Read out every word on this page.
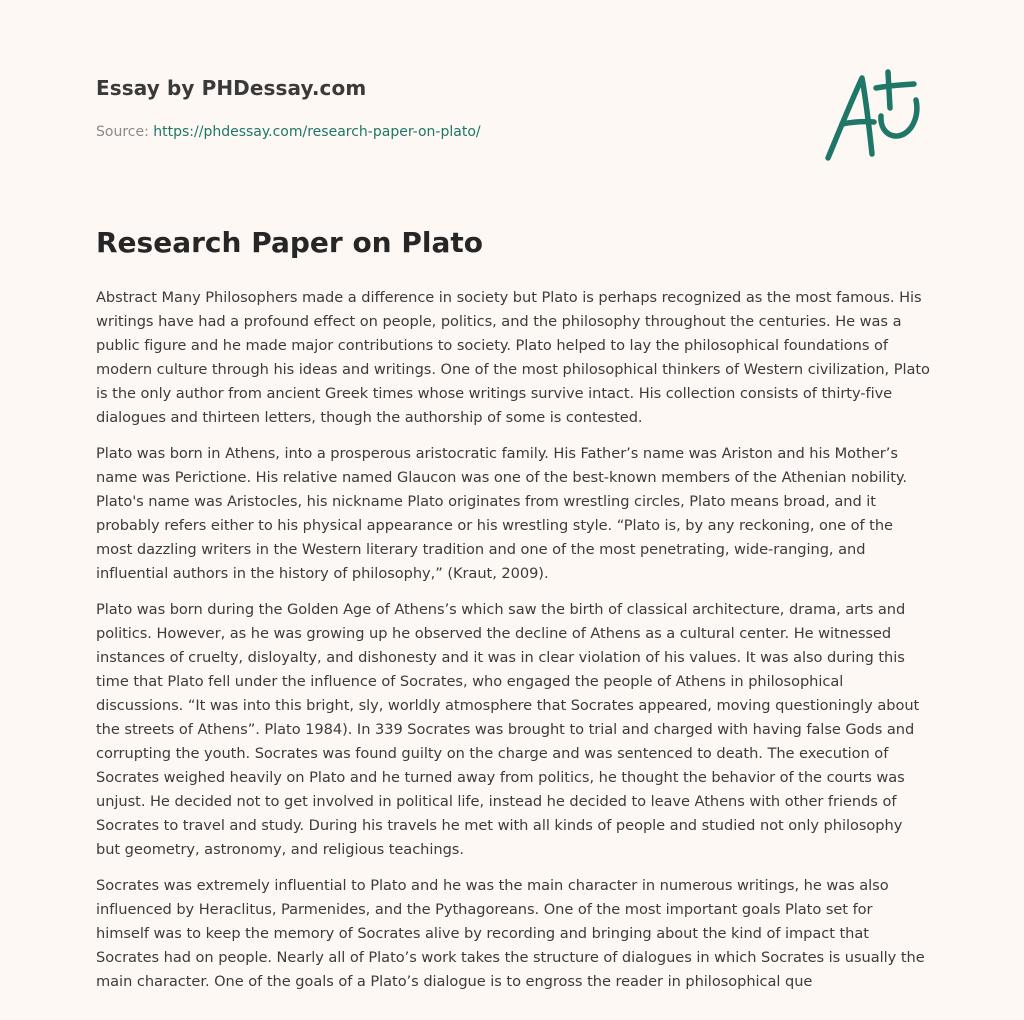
Essay by PHDessay.com
Source: https://phdessay.com/research-paper-on-plato/
Research Paper on Plato

Abstract Many Philosophers made a difference in society but Plato is perhaps recognized as the most famous. His writings have had a profound effect on people, politics, and the philosophy throughout the centuries. He was a public figure and he made major contributions to society. Plato helped to lay the philosophical foundations of modern culture through his ideas and writings. One of the most philosophical thinkers of Western civilization, Plato is the only author from ancient Greek times whose writings survive intact. His collection consists of thirty-five dialogues and thirteen letters, though the authorship of some is contested.

Plato was born in Athens, into a prosperous aristocratic family. His Father’s name was Ariston and his Mother’s name was Perictione. His relative named Glaucon was one of the best-known members of the Athenian nobility. Plato's name was Aristocles, his nickname Plato originates from wrestling circles, Plato means broad, and it probably refers either to his physical appearance or his wrestling style. “Plato is, by any reckoning, one of the most dazzling writers in the Western literary tradition and one of the most penetrating, wide-ranging, and influential authors in the history of philosophy,” (Kraut, 2009).

Plato was born during the Golden Age of Athens’s which saw the birth of classical architecture, drama, arts and politics. However, as he was growing up he observed the decline of Athens as a cultural center. He witnessed instances of cruelty, disloyalty, and dishonesty and it was in clear violation of his values. It was also during this time that Plato fell under the influence of Socrates, who engaged the people of Athens in philosophical discussions. “It was into this bright, sly, worldly atmosphere that Socrates appeared, moving questioningly about the streets of Athens”. Plato 1984). In 339 Socrates was brought to trial and charged with having false Gods and corrupting the youth. Socrates was found guilty on the charge and was sentenced to death. The execution of Socrates weighed heavily on Plato and he turned away from politics, he thought the behavior of the courts was unjust. He decided not to get involved in political life, instead he decided to leave Athens with other friends of Socrates to travel and study. During his travels he met with all kinds of people and studied not only philosophy but geometry, astronomy, and religious teachings.

Socrates was extremely influential to Plato and he was the main character in numerous writings, he was also influenced by Heraclitus, Parmenides, and the Pythagoreans. One of the most important goals Plato set for himself was to keep the memory of Socrates alive by recording and bringing about the kind of impact that Socrates had on people. Nearly all of Plato’s work takes the structure of dialogues in which Socrates is usually the main character. One of the goals of a Plato’s dialogue is to engross the reader in philosophical que
